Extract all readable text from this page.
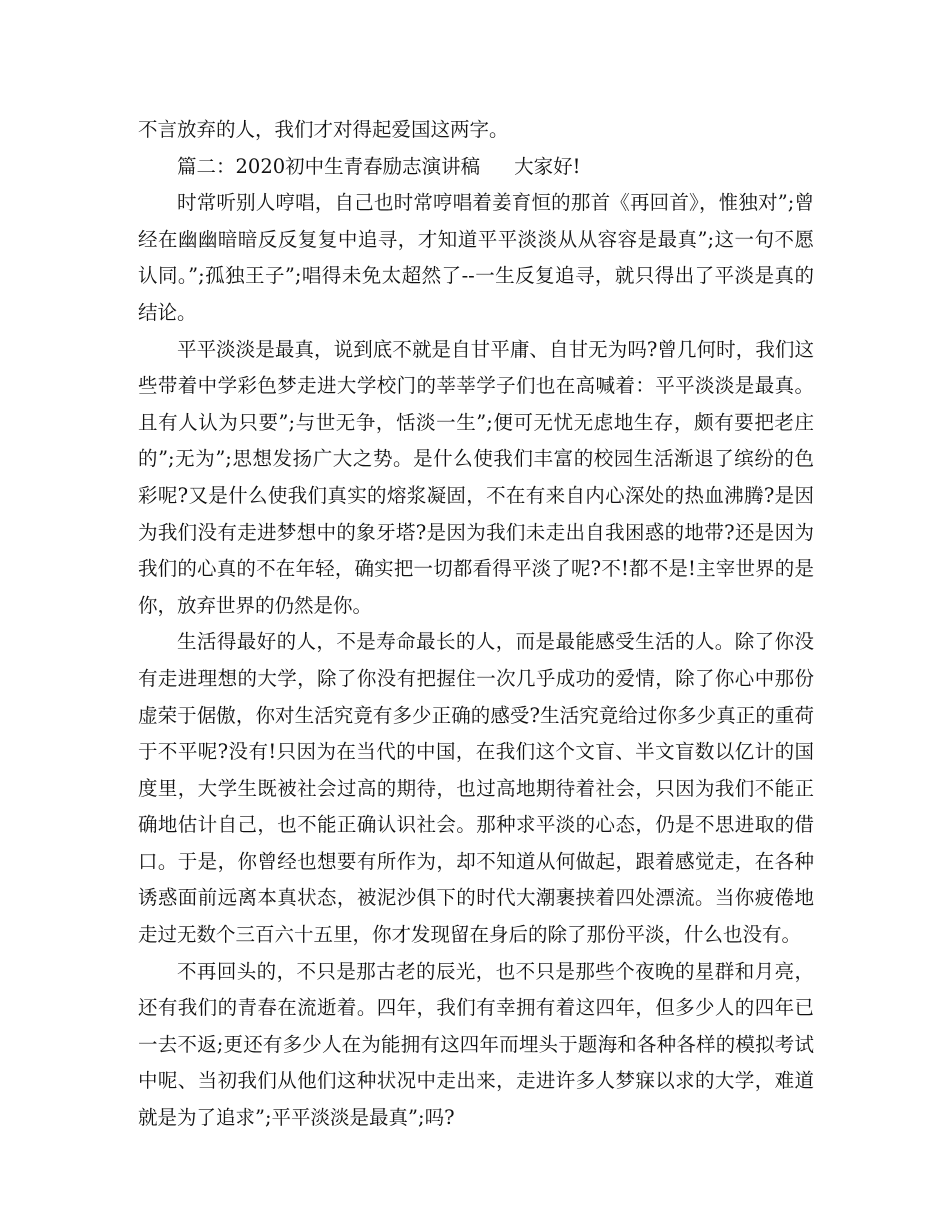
不言放弃的人，我们才对得起爱国这两字。

篇二：2020初中生青春励志演讲稿 大家好!

时常听别人哼唱，自己也时常哼唱着姜育恒的那首《再回首》，惟独对”;曾经在幽幽暗暗反反复复中追寻，才知道平平淡淡从从容容是最真”;这一句不愿认同。”;孤独王子”;唱得未免太超然了--一生反复追寻，就只得出了平淡是真的结论。

平平淡淡是最真，说到底不就是自甘平庸、自甘无为吗?曾几何时，我们这些带着中学彩色梦走进大学校门的莘莘学子们也在高喊着：平平淡淡是最真。且有人认为只要”;与世无争，恬淡一生”;便可无忧无虑地生存，颇有要把老庄的”;无为”;思想发扬广大之势。是什么使我们丰富的校园生活渐退了缤纷的色彩呢?又是什么使我们真实的熔浆凝固，不在有来自内心深处的热血沸腾?是因为我们没有走进梦想中的象牙塔?是因为我们未走出自我困惑的地带?还是因为我们的心真的不在年轻，确实把一切都看得平淡了呢?不!都不是!主宰世界的是你，放弃世界的仍然是你。

生活得最好的人，不是寿命最长的人，而是最能感受生活的人。除了你没有走进理想的大学，除了你没有把握住一次几乎成功的爱情，除了你心中那份虚荣于倨傲，你对生活究竟有多少正确的感受?生活究竟给过你多少真正的重荷于不平呢?没有!只因为在当代的中国，在我们这个文盲、半文盲数以亿计的国度里，大学生既被社会过高的期待，也过高地期待着社会，只因为我们不能正确地估计自己，也不能正确认识社会。那种求平淡的心态，仍是不思进取的借口。于是，你曾经也想要有所作为，却不知道从何做起，跟着感觉走，在各种诱惑面前远离本真状态，被泥沙俱下的时代大潮裹挟着四处漂流。当你疲倦地走过无数个三百六十五里，你才发现留在身后的除了那份平淡，什么也没有。

不再回头的，不只是那古老的辰光，也不只是那些个夜晚的星群和月亮，还有我们的青春在流逝着。四年，我们有幸拥有着这四年，但多少人的四年已一去不返;更还有多少人在为能拥有这四年而埋头于题海和各种各样的模拟考试中呢、当初我们从他们这种状况中走出来，走进许多人梦寐以求的大学，难道就是为了追求”;平平淡淡是最真”;吗?
